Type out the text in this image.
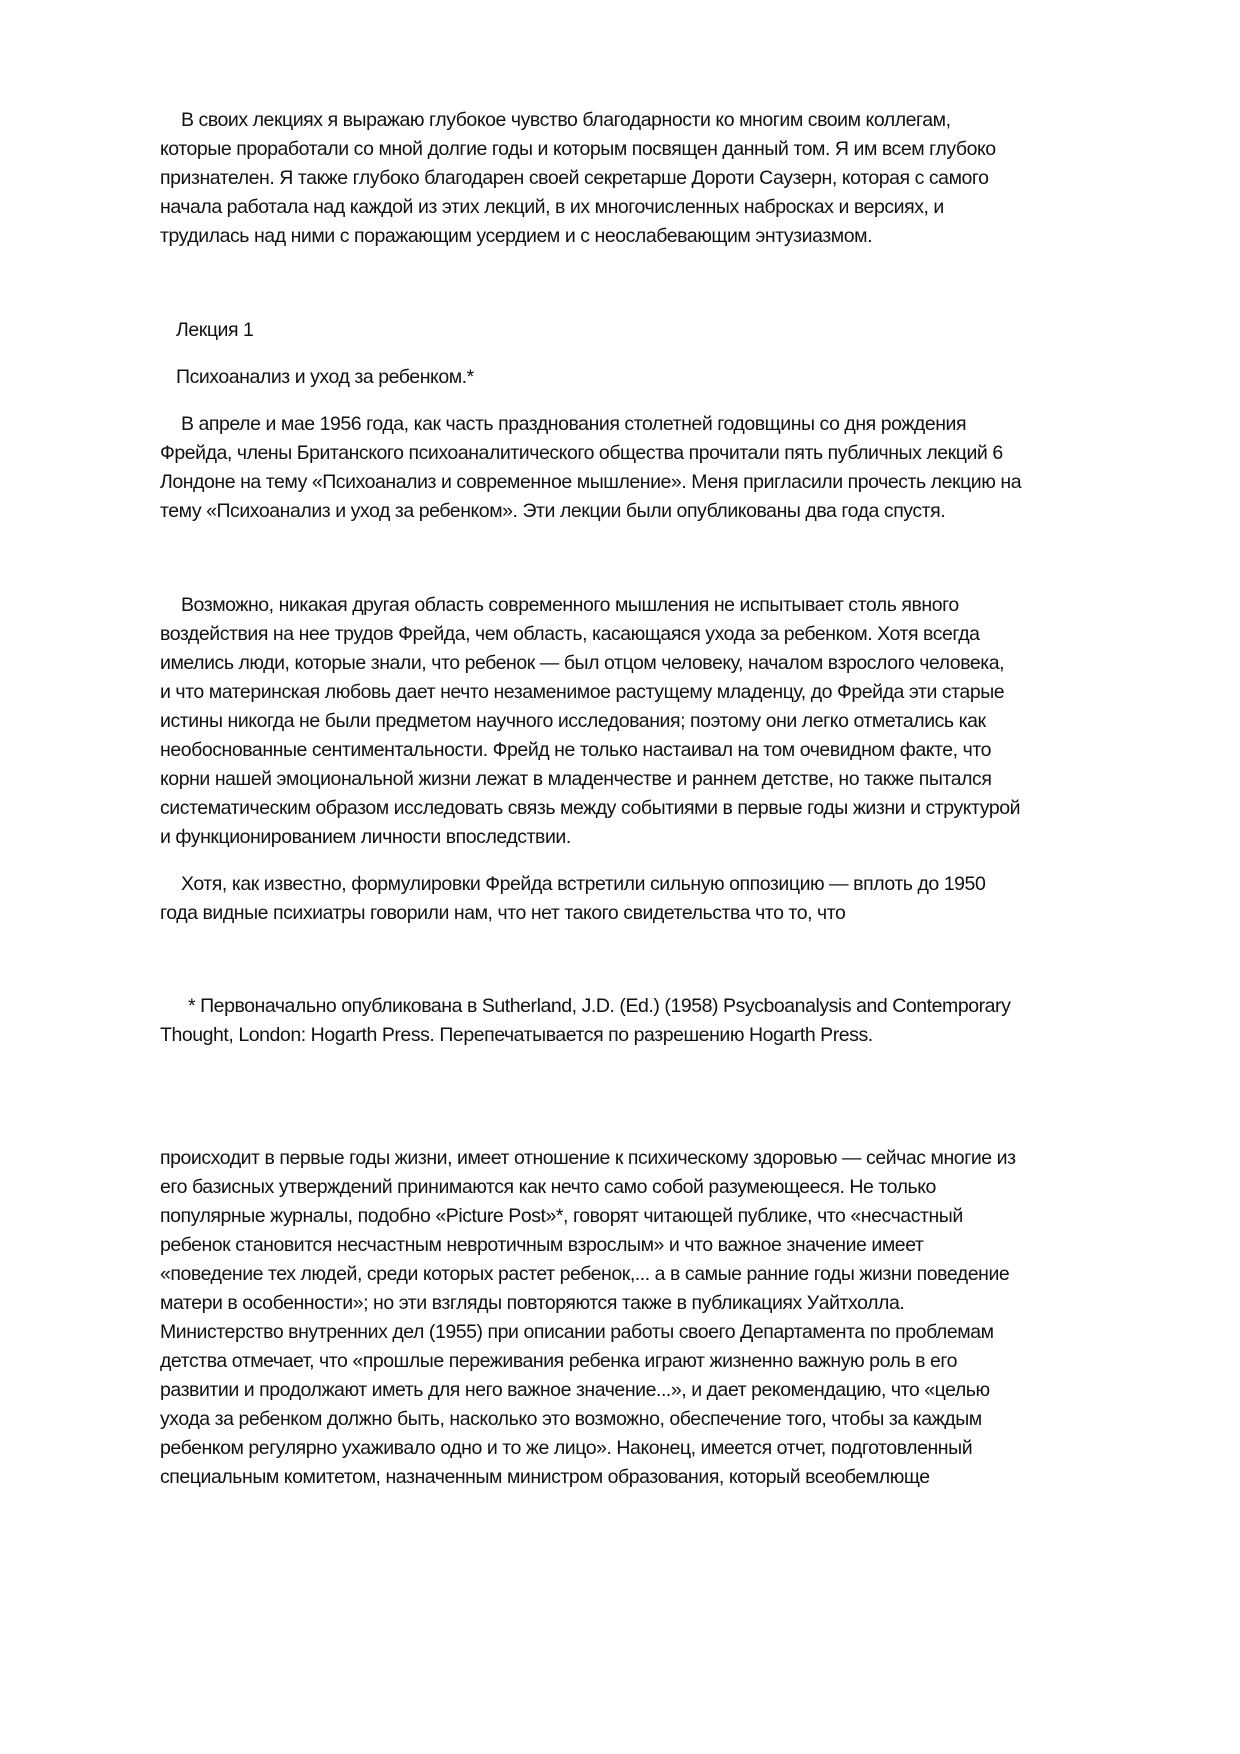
В своих лекциях я выражаю глубокое чувство благодарности ко многим своим коллегам,
которые проработали со мной долгие годы и которым посвящен данный том. Я им всем глубоко
признателен. Я также глубоко благодарен своей секретарше Дороти Саузерн, которая с самого
начала работала над каждой из этих лекций, в их многочисленных набросках и версиях, и
трудилась над ними с поражающим усердием и с неослабевающим энтузиазмом.
Лекция 1
Психоанализ и уход за ребенком.*
В апреле и мае 1956 года, как часть празднования столетней годовщины со дня рождения
Фрейда, члены Британского психоаналитического общества прочитали пять публичных лекций 6
Лондоне на тему «Психоанализ и современное мышление». Меня пригласили прочесть лекцию на
тему «Психоанализ и уход за ребенком». Эти лекции были опубликованы два года спустя.
Возможно, никакая другая область современного мышления не испытывает столь явного
воздействия на нее трудов Фрейда, чем область, касающаяся ухода за ребенком. Хотя всегда
имелись люди, которые знали, что ребенок — был отцом человеку, началом взрослого человека,
и что материнская любовь дает нечто незаменимое растущему младенцу, до Фрейда эти старые
истины никогда не были предметом научного исследования; поэтому они легко отметались как
необоснованные сентиментальности. Фрейд не только настаивал на том очевидном факте, что
корни нашей эмоциональной жизни лежат в младенчестве и раннем детстве, но также пытался
систематическим образом исследовать связь между событиями в первые годы жизни и структурой
и функционированием личности впоследствии.
Хотя, как известно, формулировки Фрейда встретили сильную оппозицию — вплоть до 1950
года видные психиатры говорили нам, что нет такого свидетельства что то, что
* Первоначально опубликована в Sutherland, J.D. (Ed.) (1958) Psycboanalysis and Contemporary
Thought, London: Hogarth Press. Перепечатывается по разрешению Hogarth Press.
происходит в первые годы жизни, имеет отношение к психическому здоровью — сейчас многие из
его базисных утверждений принимаются как нечто само собой разумеющееся. Не только
популярные журналы, подобно «Picture Post»*, говорят читающей публике, что «несчастный
ребенок становится несчастным невротичным взрослым» и что важное значение имеет
«поведение тех людей, среди которых растет ребенок,... а в самые ранние годы жизни поведение
матери в особенности»; но эти взгляды повторяются также в публикациях Уайтхолла.
Министерство внутренних дел (1955) при описании работы своего Департамента по проблемам
детства отмечает, что «прошлые переживания ребенка играют жизненно важную роль в его
развитии и продолжают иметь для него важное значение...», и дает рекомендацию, что «целью
ухода за ребенком должно быть, насколько это возможно, обеспечение того, чтобы за каждым
ребенком регулярно ухаживало одно и то же лицо». Наконец, имеется отчет, подготовленный
специальным комитетом, назначенным министром образования, который всеобемлюще
